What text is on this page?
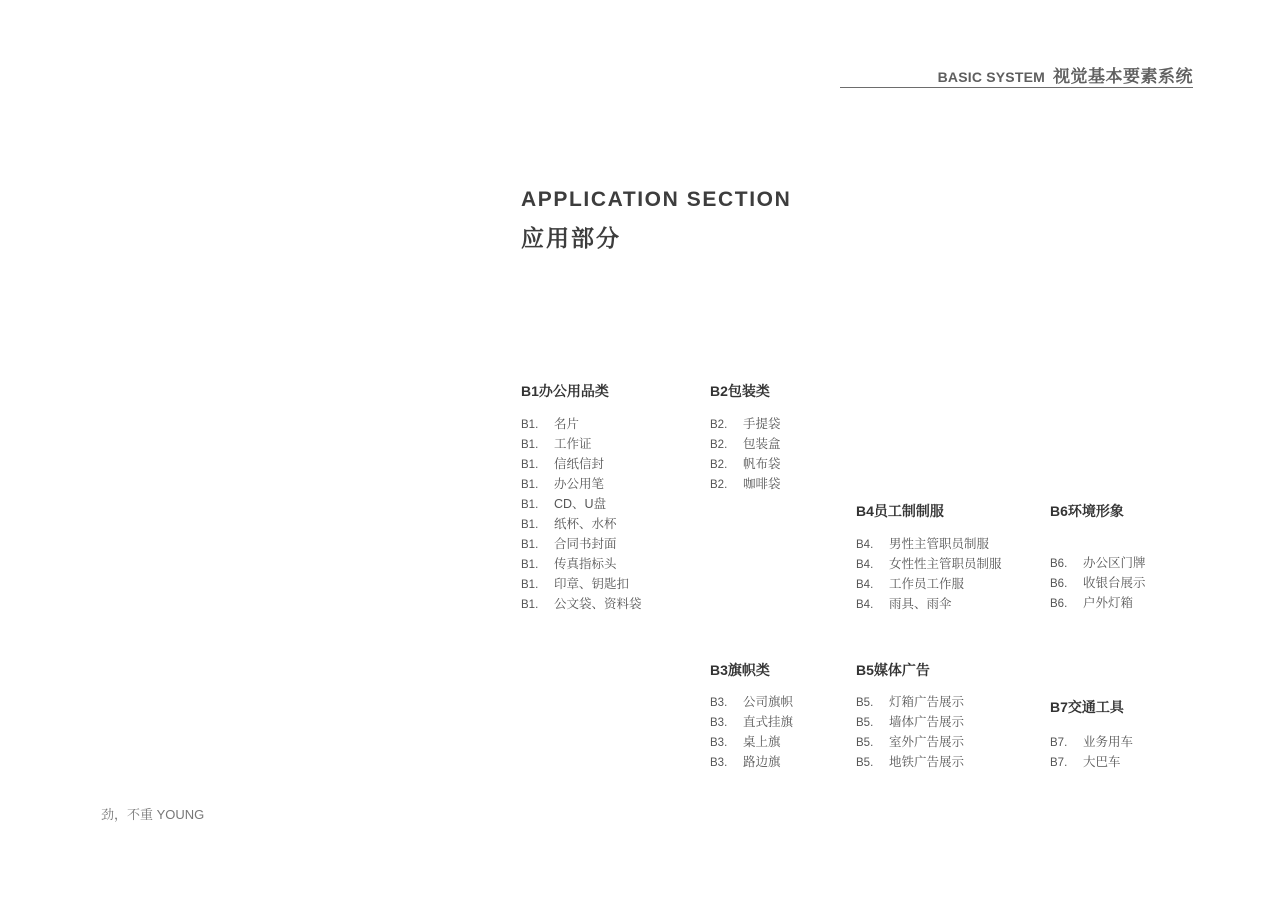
BASIC SYSTEM 视觉基本要素系统
APPLICATION SECTION
应用部分
B1办公用品类
B1. 名片
B1. 工作证
B1. 信纸信封
B1. 办公用笔
B1. CD、U盘
B1. 纸杯、水杯
B1. 合同书封面
B1. 传真指标头
B1. 印章、钥匙扣
B1. 公文袋、资料袋
B2包装类
B2. 手提袋
B2. 包装盒
B2. 帆布袋
B2. 咖啡袋
B3旗帜类
B3. 公司旗帜
B3. 直式挂旗
B3. 桌上旗
B3. 路边旗
B4员工制制服
B4. 男性主管职员制服
B4. 女性性主管职员制服
B4. 工作员工作服
B4. 雨具、雨伞
B5媒体广告
B5. 灯箱广告展示
B5. 墙体广告展示
B5. 室外广告展示
B5. 地铁广告展示
B6环境形象
B6. 办公区门牌
B6. 收银台展示
B6. 户外灯箱
B7交通工具
B7. 业务用车
B7. 大巴车
劲，不重 YOUNG
